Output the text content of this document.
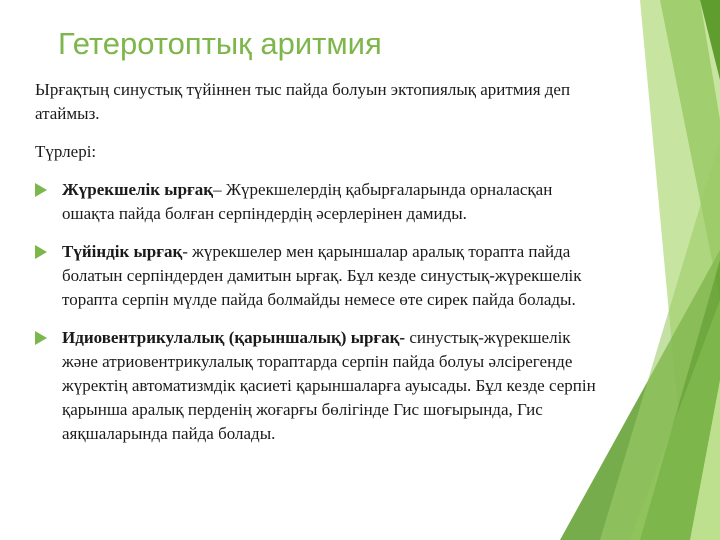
Гетеротоптық аритмия

Ырғақтың синустық түйіннен тыс пайда болуын эктопиялық аритмия деп атаймыз.

Түрлері:

Жүрекшелік ырғақ– Жүрекшелердің қабырғаларында орналасқан ошақта пайда болған серпіндердің әсерлерінен дамиды.
Түйіндік ырғақ- жүрекшелер мен қарыншалар аралық торапта пайда болатын серпіндерден дамитын ырғақ. Бұл кезде синустық-жүрекшелік торапта серпін мүлде пайда болмайды немесе өте сирек пайда болады.
Идиовентрикулалық (қарыншалық) ырғақ- синустық-жүрекшелік және атриовентрикулалық тораптарда серпін пайда болуы әлсірегенде жүректің автоматизмдік қасиеті қарыншаларға ауысады. Бұл кезде серпін қарынша аралық перденің жоғарғы бөлігінде Гис шоғырында, Гис аяқшаларында пайда болады.
